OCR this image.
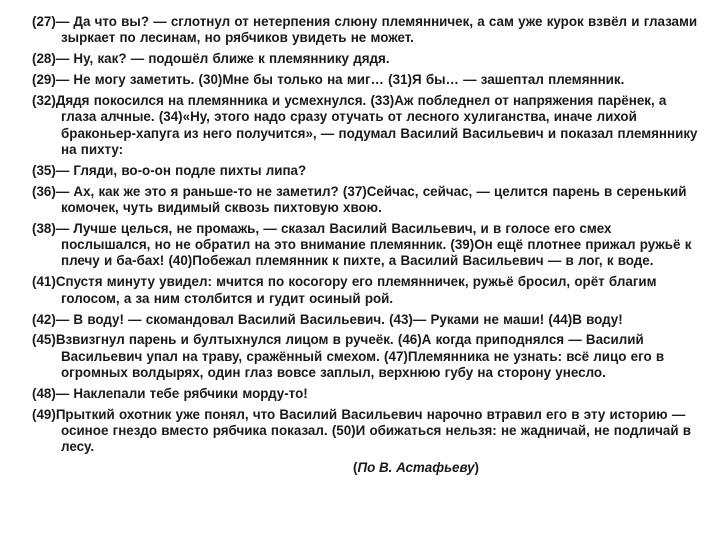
(27)— Да что вы? — сглотнул от нетерпения слюну племянничек, а сам уже курок взвёл и глазами зыркает по лесинам, но рябчиков увидеть не может.

(28)— Ну, как? — подошёл ближе к племяннику дядя.

(29)— Не могу заметить. (30)Мне бы только на миг… (31)Я бы… — зашептал племянник.

(32)Дядя покосился на племянника и усмехнулся. (33)Аж побледнел от напряжения парёнек, а глаза алчные. (34)«Ну, этого надо сразу отучать от лесного хулиганства, иначе лихой браконьер-хапуга из него получится», — подумал Василий Васильевич и показал племяннику на пихту:

(35)— Гляди, во-о-он подле пихты липа?

(36)— Ах, как же это я раньше-то не заметил? (37)Сейчас, сейчас, — целится парень в серенький комочек, чуть видимый сквозь пихтовую хвою.

(38)— Лучше целься, не промажь, — сказал Василий Васильевич, и в голосе его смех послышался, но не обратил на это внимание племянник. (39)Он ещё плотнее прижал ружьё к плечу и ба-бах! (40)Побежал племянник к пихте, а Василий Васильевич — в лог, к воде.

(41)Спустя минуту увидел: мчится по косогору его племянничек, ружьё бросил, орёт благим голосом, а за ним столбится и гудит осиный рой.

(42)— В воду! — скомандовал Василий Васильевич. (43)— Руками не маши! (44)В воду!

(45)Взвизгнул парень и бултыхнулся лицом в ручеёк. (46)А когда приподнялся — Василий Васильевич упал на траву, сражённый смехом. (47)Племянника не узнать: всё лицо его в огромных волдырях, один глаз вовсе заплыл, верхнюю губу на сторону унесло.

(48)— Наклепали тебе рябчики морду-то!

(49)Прыткий охотник уже понял, что Василий Васильевич нарочно втравил его в эту историю — осиное гнездо вместо рябчика показал. (50)И обижаться нельзя: не жадничай, не подличай в лесу.

(По В. Астафьеву)
